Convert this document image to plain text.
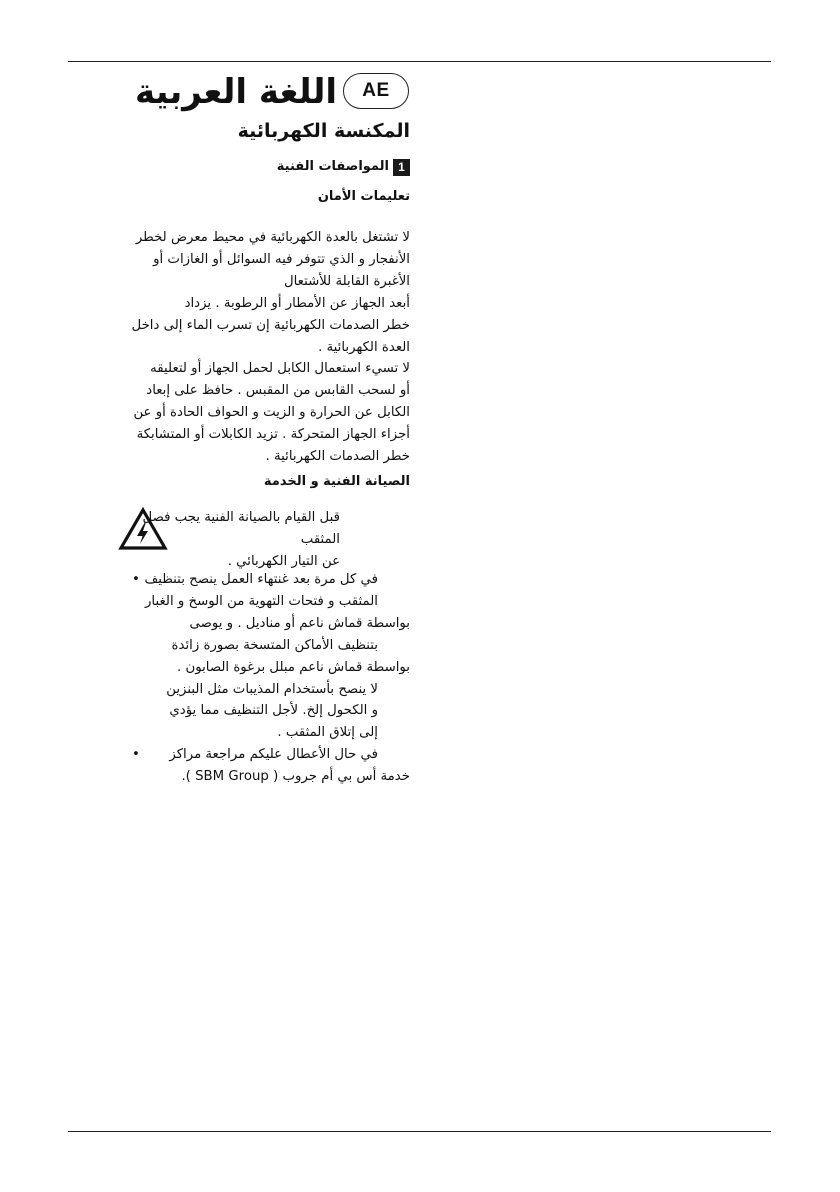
اللغة العربية	AE
المكنسة الكهربائية
1
المواصفات الفنية
تعليمات الأمان
لا تشتغل بالعدة الكهربائية في محيط معرض لخطر
الأنفجار و الذي تتوفر فيه السوائل أو الغازات أو
الأغبرة القابلة للأشتعال
أبعد الجهاز عن الأمطار أو الرطوبة . يزداد
خطر الصدمات الكهربائية إن تسرب الماء إلى داخل
العدة الكهربائية .
لا تسيء استعمال الكابل لحمل الجهاز أو لتعليقه
أو لسحب القابس من المقبس . حافظ على إبعاد
الكابل عن الحرارة و الزيت و الحواف الحادة أو عن
أجزاء الجهاز المتحركة . تزيد الكابلات أو المتشابكة
خطر الصدمات الكهربائية .
الصيانة الفنية و الخدمة
قبل القيام بالصيانة الفنية يجب فصل المثقب
عن التيار الكهربائي .
في كل مرة بعد غنتهاء العمل ينصح بتنظيف
•
المثقب و فتحات التهوية من الوسخ و الغبار
بواسطة قماش ناعم أو مناديل . و يوصى
بتنظيف الأماكن المتسخة بصورة زائدة
بواسطة قماش ناعم مبلل برغوة الصابون .
لا ينصح بأستخدام المذيبات مثل البنزين
و الكحول إلخ. لأجل التنظيف مما يؤدي
إلى إتلاق المثقب .
في حال الأعطال عليكم مراجعة مراكز
•
خدمة أس بي أم جروب ( SBM Group ).
